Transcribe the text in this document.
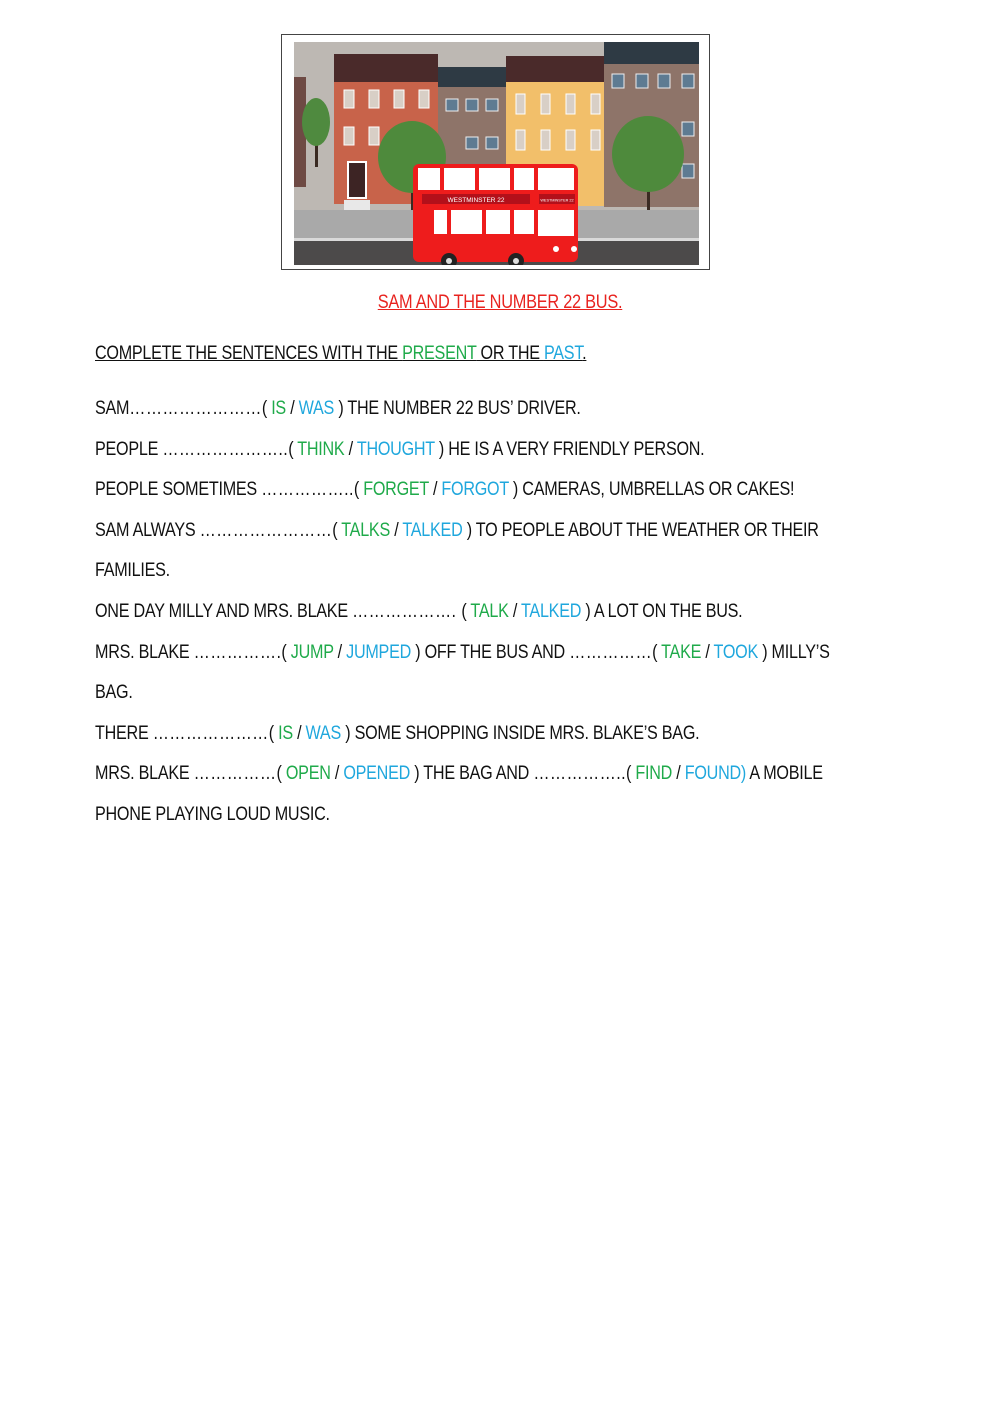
WESTMINSTER 22	WESTMINSTER 22
SAM AND THE NUMBER 22 BUS.
COMPLETE THE SENTENCES WITH THE PRESENT OR THE PAST.
SAM……………………( IS / WAS ) THE NUMBER 22 BUS’ DRIVER.
PEOPLE …………………..( THINK / THOUGHT ) HE IS A VERY FRIENDLY PERSON.
PEOPLE SOMETIMES ……………..( FORGET / FORGOT ) CAMERAS, UMBRELLAS OR CAKES!
SAM ALWAYS ……………………( TALKS / TALKED ) TO PEOPLE ABOUT THE WEATHER OR THEIR
FAMILIES.
ONE DAY MILLY AND MRS. BLAKE ………………. ( TALK / TALKED ) A LOT ON THE BUS.
MRS. BLAKE …………….( JUMP / JUMPED ) OFF THE BUS AND ……………( TAKE / TOOK ) MILLY’S
BAG.
THERE …………………( IS / WAS ) SOME SHOPPING INSIDE MRS. BLAKE’S BAG.
MRS. BLAKE ……………( OPEN / OPENED ) THE BAG AND ……………..( FIND / FOUND) A MOBILE
PHONE PLAYING LOUD MUSIC.
